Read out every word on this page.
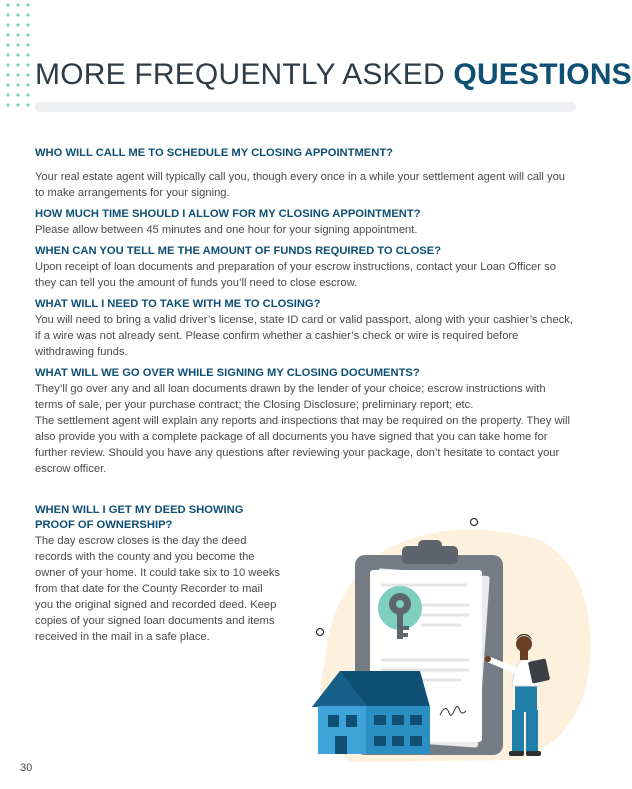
MORE FREQUENTLY ASKED QUESTIONS

WHO WILL CALL ME TO SCHEDULE MY CLOSING APPOINTMENT?

Your real estate agent will typically call you, though every once in a while your settlement agent will call you to make arrangements for your signing.

HOW MUCH TIME SHOULD I ALLOW FOR MY CLOSING APPOINTMENT?

Please allow between 45 minutes and one hour for your signing appointment.

WHEN CAN YOU TELL ME THE AMOUNT OF FUNDS REQUIRED TO CLOSE?

Upon receipt of loan documents and preparation of your escrow instructions, contact your Loan Officer so they can tell you the amount of funds you’ll need to close escrow.

WHAT WILL I NEED TO TAKE WITH ME TO CLOSING?

You will need to bring a valid driver’s license, state ID card or valid passport, along with your cashier’s check, if a wire was not already sent. Please confirm whether a cashier’s check or wire is required before withdrawing funds.

WHAT WILL WE GO OVER WHILE SIGNING MY CLOSING DOCUMENTS?

They’ll go over any and all loan documents drawn by the lender of your choice; escrow instructions with terms of sale, per your purchase contract; the Closing Disclosure; preliminary report; etc.

The settlement agent will explain any reports and inspections that may be required on the property. They will also provide you with a complete package of all documents you have signed that you can take home for further review. Should you have any questions after reviewing your package, don’t hesitate to contact your escrow officer.

WHEN WILL I GET MY DEED SHOWING

PROOF OF OWNERSHIP?

The day escrow closes is the day the deed records with the county and you become the owner of your home. It could take six to 10 weeks from that date for the County Recorder to mail you the original signed and recorded deed. Keep copies of your signed loan documents and items received in the mail in a safe place.

30
